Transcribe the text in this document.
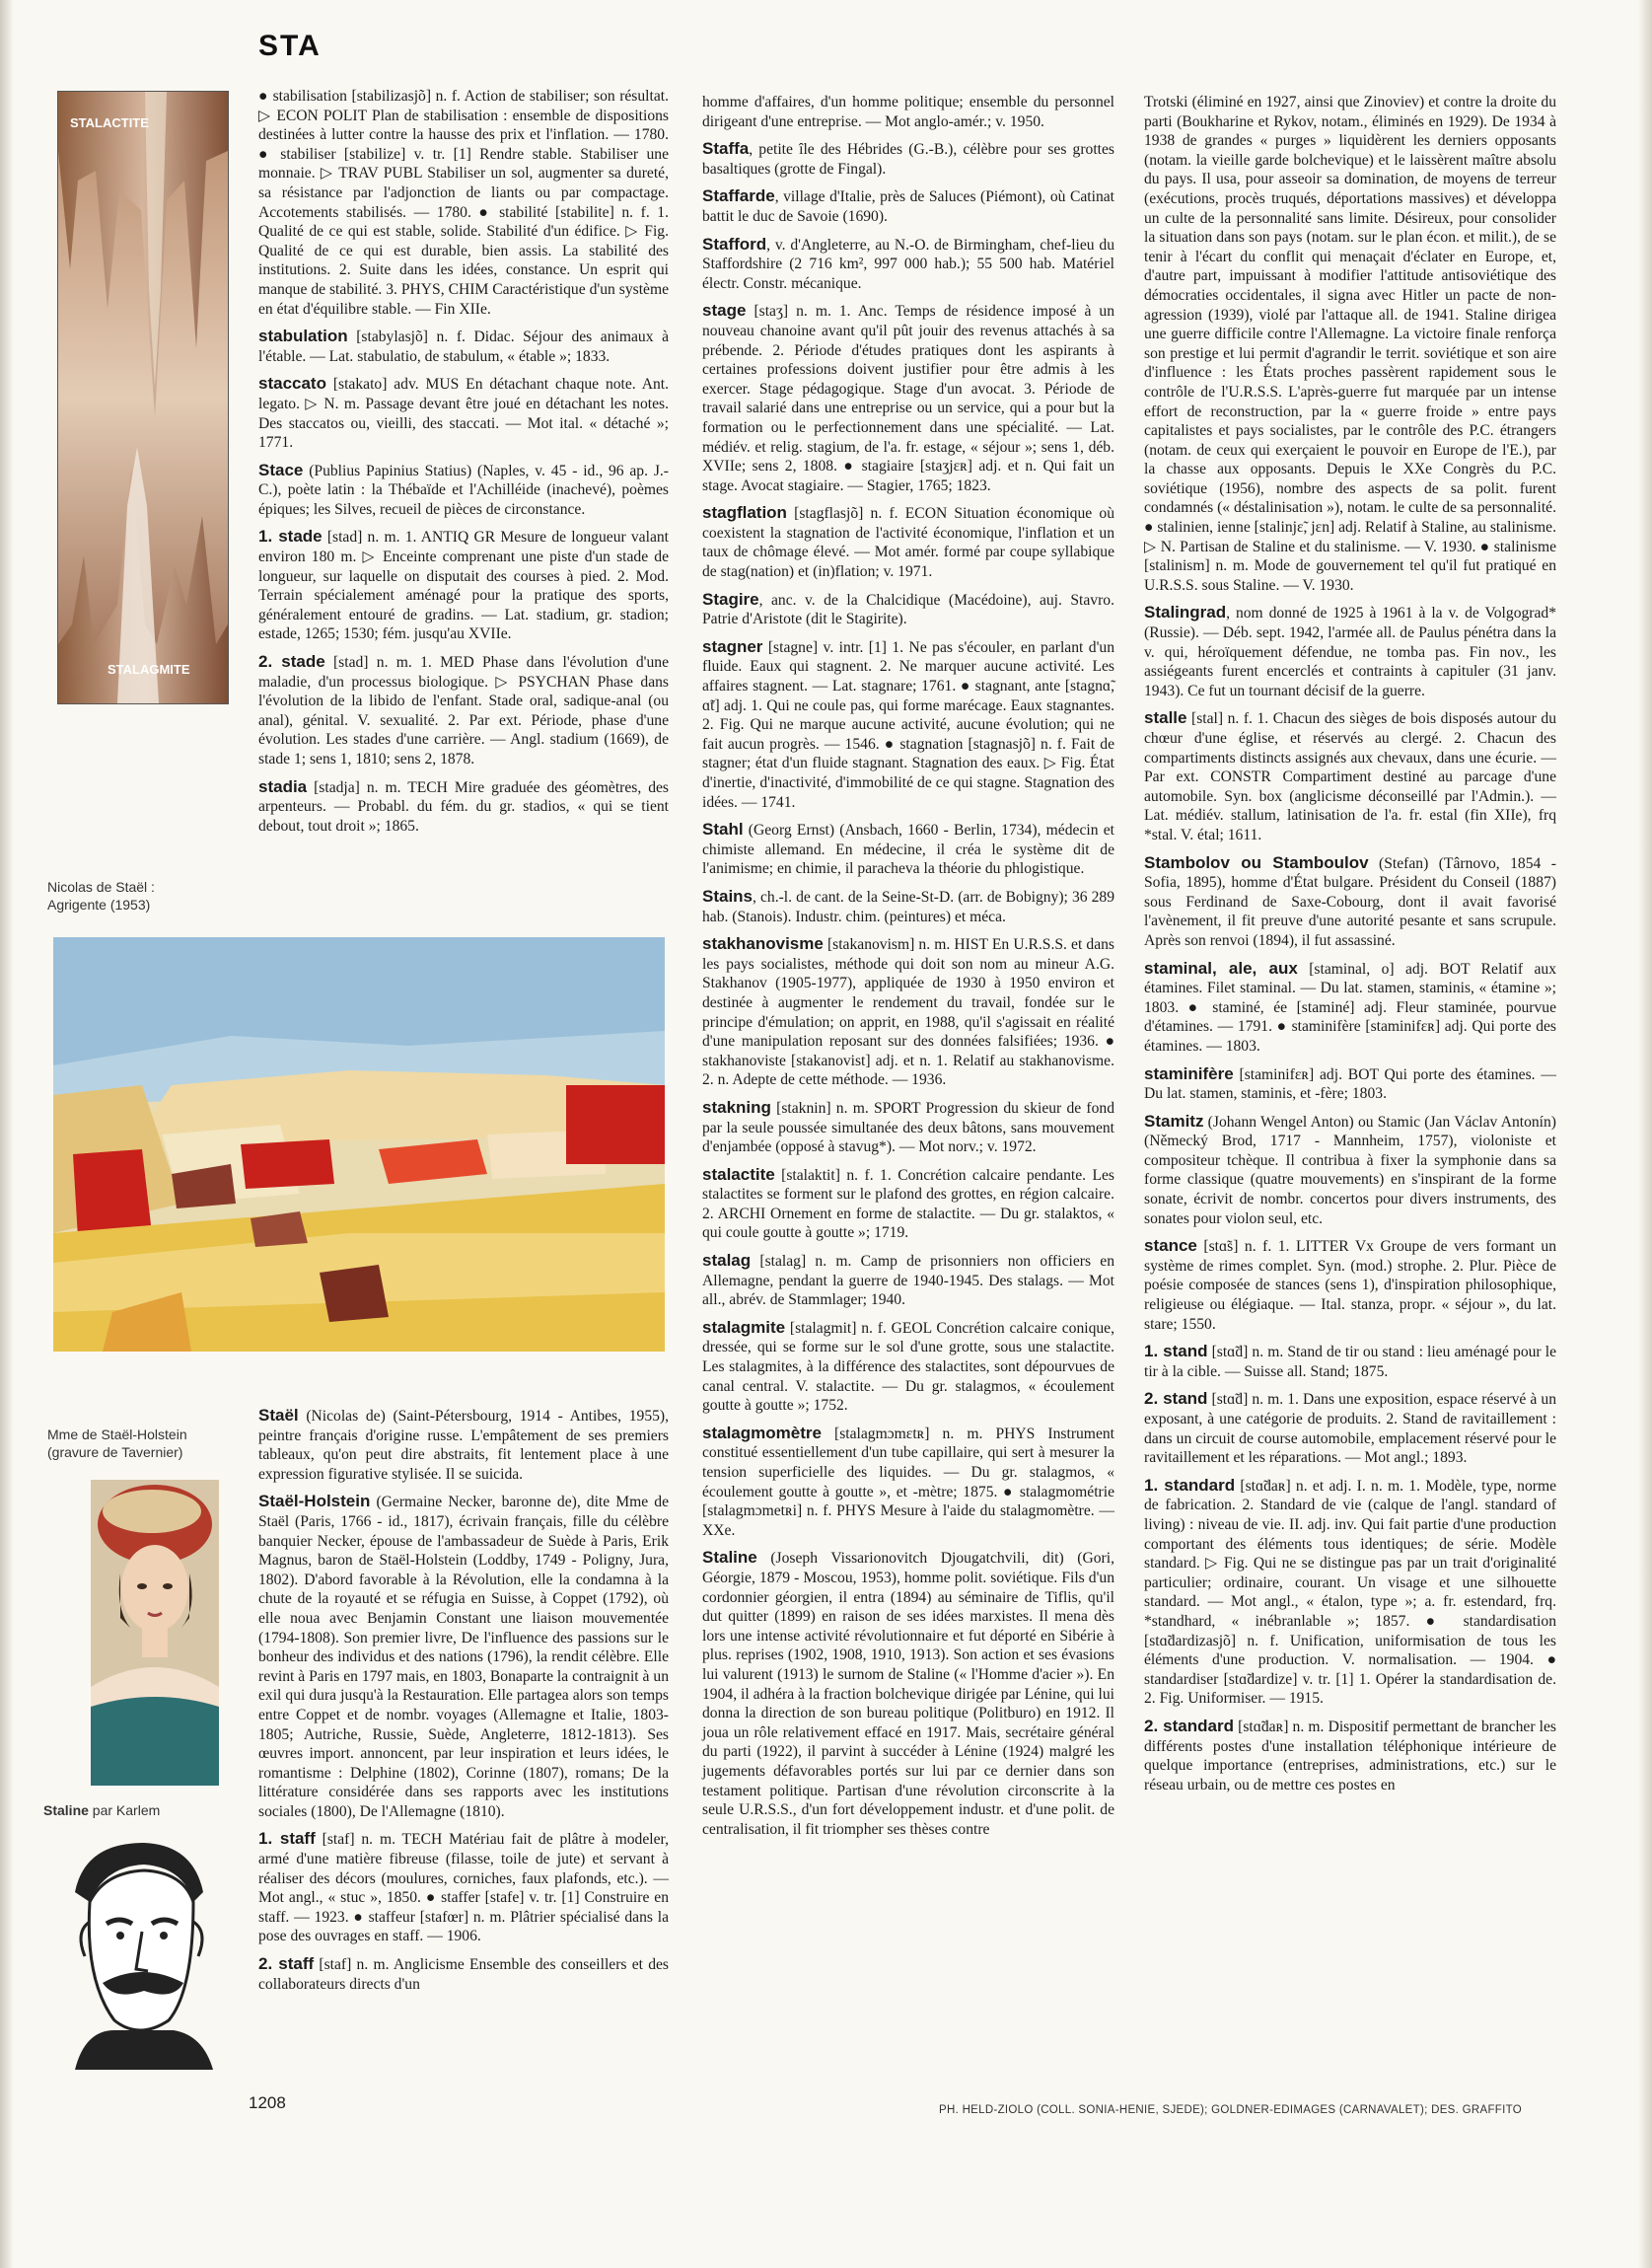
STA
STALACTITE
STALAGMITE
Nicolas de Staël :
Agrigente (1953)
Mme de Staël-Holstein
(gravure de Tavernier)
Staline par Karlem

● stabilisation [stabilizasjõ] n. f. Action de stabiliser; son résultat. ▷ ECON POLIT Plan de stabilisation : ensemble de dispositions destinées à lutter contre la hausse des prix et l'inflation. — 1780. ● stabiliser [stabilize] v. tr. [1] Rendre stable. Stabiliser une monnaie. ▷ TRAV PUBL Stabiliser un sol, augmenter sa dureté, sa résistance par l'adjonction de liants ou par compactage. Accotements stabilisés. — 1780. ● stabilité [stabilite] n. f. 1. Qualité de ce qui est stable, solide. Stabilité d'un édifice. ▷ Fig. Qualité de ce qui est durable, bien assis. La stabilité des institutions. 2. Suite dans les idées, constance. Un esprit qui manque de stabilité. 3. PHYS, CHIM Caractéristique d'un système en état d'équilibre stable. — Fin XIIe.

stabulation [stabylasjõ] n. f. Didac. Séjour des animaux à l'étable. — Lat. stabulatio, de stabulum, « étable »; 1833.

staccato [stakato] adv. MUS En détachant chaque note. Ant. legato. ▷ N. m. Passage devant être joué en détachant les notes. Des staccatos ou, vieilli, des staccati. — Mot ital. « détaché »; 1771.

Stace (Publius Papinius Statius) (Naples, v. 45 - id., 96 ap. J.-C.), poète latin : la Thébaïde et l'Achilléide (inachevé), poèmes épiques; les Silves, recueil de pièces de circonstance.

1. stade [stad] n. m. 1. ANTIQ GR Mesure de longueur valant environ 180 m. ▷ Enceinte comprenant une piste d'un stade de longueur, sur laquelle on disputait des courses à pied. 2. Mod. Terrain spécialement aménagé pour la pratique des sports, généralement entouré de gradins. — Lat. stadium, gr. stadion; estade, 1265; 1530; fém. jusqu'au XVIIe.

2. stade [stad] n. m. 1. MED Phase dans l'évolution d'une maladie, d'un processus biologique. ▷ PSYCHAN Phase dans l'évolution de la libido de l'enfant. Stade oral, sadique-anal (ou anal), génital. V. sexualité. 2. Par ext. Période, phase d'une évolution. Les stades d'une carrière. — Angl. stadium (1669), de stade 1; sens 1, 1810; sens 2, 1878.

stadia [stadja] n. m. TECH Mire graduée des géomètres, des arpenteurs. — Probabl. du fém. du gr. stadios, « qui se tient debout, tout droit »; 1865.

Staël (Nicolas de) (Saint-Pétersbourg, 1914 - Antibes, 1955), peintre français d'origine russe. L'empâtement de ses premiers tableaux, qu'on peut dire abstraits, fit lentement place à une expression figurative stylisée. Il se suicida.

Staël-Holstein (Germaine Necker, baronne de), dite Mme de Staël (Paris, 1766 - id., 1817), écrivain français, fille du célèbre banquier Necker, épouse de l'ambassadeur de Suède à Paris, Erik Magnus, baron de Staël-Holstein (Loddby, 1749 - Poligny, Jura, 1802). D'abord favorable à la Révolution, elle la condamna à la chute de la royauté et se réfugia en Suisse, à Coppet (1792), où elle noua avec Benjamin Constant une liaison mouvementée (1794-1808). Son premier livre, De l'influence des passions sur le bonheur des individus et des nations (1796), la rendit célèbre. Elle revint à Paris en 1797 mais, en 1803, Bonaparte la contraignit à un exil qui dura jusqu'à la Restauration. Elle partagea alors son temps entre Coppet et de nombr. voyages (Allemagne et Italie, 1803-1805; Autriche, Russie, Suède, Angleterre, 1812-1813). Ses œuvres import. annoncent, par leur inspiration et leurs idées, le romantisme : Delphine (1802), Corinne (1807), romans; De la littérature considérée dans ses rapports avec les institutions sociales (1800), De l'Allemagne (1810).

1. staff [staf] n. m. TECH Matériau fait de plâtre à modeler, armé d'une matière fibreuse (filasse, toile de jute) et servant à réaliser des décors (moulures, corniches, faux plafonds, etc.). — Mot angl., « stuc », 1850. ● staffer [stafe] v. tr. [1] Construire en staff. — 1923. ● staffeur [stafœr] n. m. Plâtrier spécialisé dans la pose des ouvrages en staff. — 1906.

2. staff [staf] n. m. Anglicisme Ensemble des conseillers et des collaborateurs directs d'un

homme d'affaires, d'un homme politique; ensemble du personnel dirigeant d'une entreprise. — Mot anglo-amér.; v. 1950.

Staffa, petite île des Hébrides (G.-B.), célèbre pour ses grottes basaltiques (grotte de Fingal).

Staffarde, village d'Italie, près de Saluces (Piémont), où Catinat battit le duc de Savoie (1690).

Stafford, v. d'Angleterre, au N.-O. de Birmingham, chef-lieu du Staffordshire (2 716 km², 997 000 hab.); 55 500 hab. Matériel électr. Constr. mécanique.

stage [staʒ] n. m. 1. Anc. Temps de résidence imposé à un nouveau chanoine avant qu'il pût jouir des revenus attachés à sa prébende. 2. Période d'études pratiques dont les aspirants à certaines professions doivent justifier pour être admis à les exercer. Stage pédagogique. Stage d'un avocat. 3. Période de travail salarié dans une entreprise ou un service, qui a pour but la formation ou le perfectionnement dans une spécialité. — Lat. médiév. et relig. stagium, de l'a. fr. estage, « séjour »; sens 1, déb. XVIIe; sens 2, 1808. ● stagiaire [staʒjɛʀ] adj. et n. Qui fait un stage. Avocat stagiaire. — Stagier, 1765; 1823.

stagflation [stagflasjõ] n. f. ECON Situation économique où coexistent la stagnation de l'activité économique, l'inflation et un taux de chômage élevé. — Mot amér. formé par coupe syllabique de stag(nation) et (in)flation; v. 1971.

Stagire, anc. v. de la Chalcidique (Macédoine), auj. Stavro. Patrie d'Aristote (dit le Stagirite).

stagner [stagne] v. intr. [1] 1. Ne pas s'écouler, en parlant d'un fluide. Eaux qui stagnent. 2. Ne marquer aucune activité. Les affaires stagnent. — Lat. stagnare; 1761. ● stagnant, ante [stagnɑ̃, ɑ̃t] adj. 1. Qui ne coule pas, qui forme marécage. Eaux stagnantes. 2. Fig. Qui ne marque aucune activité, aucune évolution; qui ne fait aucun progrès. — 1546. ● stagnation [stagnasjõ] n. f. Fait de stagner; état d'un fluide stagnant. Stagnation des eaux. ▷ Fig. État d'inertie, d'inactivité, d'immobilité de ce qui stagne. Stagnation des idées. — 1741.

Stahl (Georg Ernst) (Ansbach, 1660 - Berlin, 1734), médecin et chimiste allemand. En médecine, il créa le système dit de l'animisme; en chimie, il paracheva la théorie du phlogistique.

Stains, ch.-l. de cant. de la Seine-St-D. (arr. de Bobigny); 36 289 hab. (Stanois). Industr. chim. (peintures) et méca.

stakhanovisme [stakanovism] n. m. HIST En U.R.S.S. et dans les pays socialistes, méthode qui doit son nom au mineur A.G. Stakhanov (1905-1977), appliquée de 1930 à 1950 environ et destinée à augmenter le rendement du travail, fondée sur le principe d'émulation; on apprit, en 1988, qu'il s'agissait en réalité d'une manipulation reposant sur des données falsifiées; 1936. ● stakhanoviste [stakanovist] adj. et n. 1. Relatif au stakhanovisme. 2. n. Adepte de cette méthode. — 1936.

stakning [staknin] n. m. SPORT Progression du skieur de fond par la seule poussée simultanée des deux bâtons, sans mouvement d'enjambée (opposé à stavug*). — Mot norv.; v. 1972.

stalactite [stalaktit] n. f. 1. Concrétion calcaire pendante. Les stalactites se forment sur le plafond des grottes, en région calcaire. 2. ARCHI Ornement en forme de stalactite. — Du gr. stalaktos, « qui coule goutte à goutte »; 1719.

stalag [stalag] n. m. Camp de prisonniers non officiers en Allemagne, pendant la guerre de 1940-1945. Des stalags. — Mot all., abrév. de Stammlager; 1940.

stalagmite [stalagmit] n. f. GEOL Concrétion calcaire conique, dressée, qui se forme sur le sol d'une grotte, sous une stalactite. Les stalagmites, à la différence des stalactites, sont dépourvues de canal central. V. stalactite. — Du gr. stalagmos, « écoulement goutte à goutte »; 1752.

stalagmomètre [stalagmɔmɛtʀ] n. m. PHYS Instrument constitué essentiellement d'un tube capillaire, qui sert à mesurer la tension superficielle des liquides. — Du gr. stalagmos, « écoulement goutte à goutte », et -mètre; 1875. ● stalagmométrie [stalagmɔmetʀi] n. f. PHYS Mesure à l'aide du stalagmomètre. — XXe.

Staline (Joseph Vissarionovitch Djougatchvili, dit) (Gori, Géorgie, 1879 - Moscou, 1953), homme polit. soviétique. Fils d'un cordonnier géorgien, il entra (1894) au séminaire de Tiflis, qu'il dut quitter (1899) en raison de ses idées marxistes. Il mena dès lors une intense activité révolutionnaire et fut déporté en Sibérie à plus. reprises (1902, 1908, 1910, 1913). Son action et ses évasions lui valurent (1913) le surnom de Staline (« l'Homme d'acier »). En 1904, il adhéra à la fraction bolchevique dirigée par Lénine, qui lui donna la direction de son bureau politique (Politburo) en 1912. Il joua un rôle relativement effacé en 1917. Mais, secrétaire général du parti (1922), il parvint à succéder à Lénine (1924) malgré les jugements défavorables portés sur lui par ce dernier dans son testament politique. Partisan d'une révolution circonscrite à la seule U.R.S.S., d'un fort développement industr. et d'une polit. de centralisation, il fit triompher ses thèses contre

Trotski (éliminé en 1927, ainsi que Zinoviev) et contre la droite du parti (Boukharine et Rykov, notam., éliminés en 1929). De 1934 à 1938 de grandes « purges » liquidèrent les derniers opposants (notam. la vieille garde bolchevique) et le laissèrent maître absolu du pays. Il usa, pour asseoir sa domination, de moyens de terreur (exécutions, procès truqués, déportations massives) et développa un culte de la personnalité sans limite. Désireux, pour consolider la situation dans son pays (notam. sur le plan écon. et milit.), de se tenir à l'écart du conflit qui menaçait d'éclater en Europe, et, d'autre part, impuissant à modifier l'attitude antisoviétique des démocraties occidentales, il signa avec Hitler un pacte de non-agression (1939), violé par l'attaque all. de 1941. Staline dirigea une guerre difficile contre l'Allemagne. La victoire finale renforça son prestige et lui permit d'agrandir le territ. soviétique et son aire d'influence : les États proches passèrent rapidement sous le contrôle de l'U.R.S.S. L'après-guerre fut marquée par un intense effort de reconstruction, par la « guerre froide » entre pays capitalistes et pays socialistes, par le contrôle des P.C. étrangers (notam. de ceux qui exerçaient le pouvoir en Europe de l'E.), par la chasse aux opposants. Depuis le XXe Congrès du P.C. soviétique (1956), nombre des aspects de sa polit. furent condamnés (« déstalinisation »), notam. le culte de sa personnalité. ● stalinien, ienne [stalinjɛ̃, jɛn] adj. Relatif à Staline, au stalinisme. ▷ N. Partisan de Staline et du stalinisme. — V. 1930. ● stalinisme [stalinism] n. m. Mode de gouvernement tel qu'il fut pratiqué en U.R.S.S. sous Staline. — V. 1930.

Stalingrad, nom donné de 1925 à 1961 à la v. de Volgograd* (Russie). — Déb. sept. 1942, l'armée all. de Paulus pénétra dans la v. qui, héroïquement défendue, ne tomba pas. Fin nov., les assiégeants furent encerclés et contraints à capituler (31 janv. 1943). Ce fut un tournant décisif de la guerre.

stalle [stal] n. f. 1. Chacun des sièges de bois disposés autour du chœur d'une église, et réservés au clergé. 2. Chacun des compartiments distincts assignés aux chevaux, dans une écurie. — Par ext. CONSTR Compartiment destiné au parcage d'une automobile. Syn. box (anglicisme déconseillé par l'Admin.). — Lat. médiév. stallum, latinisation de l'a. fr. estal (fin XIIe), frq *stal. V. étal; 1611.

Stambolov ou Stamboulov (Stefan) (Târnovo, 1854 - Sofia, 1895), homme d'État bulgare. Président du Conseil (1887) sous Ferdinand de Saxe-Cobourg, dont il avait favorisé l'avènement, il fit preuve d'une autorité pesante et sans scrupule. Après son renvoi (1894), il fut assassiné.

staminal, ale, aux [staminal, o] adj. BOT Relatif aux étamines. Filet staminal. — Du lat. stamen, staminis, « étamine »; 1803. ● staminé, ée [staminé] adj. Fleur staminée, pourvue d'étamines. — 1791. ● staminifère [staminifɛʀ] adj. Qui porte des étamines. — 1803.

staminifère [staminifɛʀ] adj. BOT Qui porte des étamines. — Du lat. stamen, staminis, et -fère; 1803.

Stamitz (Johann Wengel Anton) ou Stamic (Jan Václav Antonín) (Německý Brod, 1717 - Mannheim, 1757), violoniste et compositeur tchèque. Il contribua à fixer la symphonie dans sa forme classique (quatre mouvements) en s'inspirant de la forme sonate, écrivit de nombr. concertos pour divers instruments, des sonates pour violon seul, etc.

stance [stɑ̃s] n. f. 1. LITTER Vx Groupe de vers formant un système de rimes complet. Syn. (mod.) strophe. 2. Plur. Pièce de poésie composée de stances (sens 1), d'inspiration philosophique, religieuse ou élégiaque. — Ital. stanza, propr. « séjour », du lat. stare; 1550.

1. stand [stɑ̃d] n. m. Stand de tir ou stand : lieu aménagé pour le tir à la cible. — Suisse all. Stand; 1875.

2. stand [stɑ̃d] n. m. 1. Dans une exposition, espace réservé à un exposant, à une catégorie de produits. 2. Stand de ravitaillement : dans un circuit de course automobile, emplacement réservé pour le ravitaillement et les réparations. — Mot angl.; 1893.

1. standard [stɑ̃daʀ] n. et adj. I. n. m. 1. Modèle, type, norme de fabrication. 2. Standard de vie (calque de l'angl. standard of living) : niveau de vie. II. adj. inv. Qui fait partie d'une production comportant des éléments tous identiques; de série. Modèle standard. ▷ Fig. Qui ne se distingue pas par un trait d'originalité particulier; ordinaire, courant. Un visage et une silhouette standard. — Mot angl., « étalon, type »; a. fr. estendard, frq. *standhard, « inébranlable »; 1857. ● standardisation [stɑ̃dardizasjõ] n. f. Unification, uniformisation de tous les éléments d'une production. V. normalisation. — 1904. ● standardiser [stɑ̃dardize] v. tr. [1] 1. Opérer la standardisation de. 2. Fig. Uniformiser. — 1915.

2. standard [stɑ̃daʀ] n. m. Dispositif permettant de brancher les différents postes d'une installation téléphonique intérieure de quelque importance (entreprises, administrations, etc.) sur le réseau urbain, ou de mettre ces postes en

1208	PH. HELD-ZIOLO (COLL. SONIA-HENIE, SJEDE); GOLDNER-EDIMAGES (CARNAVALET); DES. GRAFFITO
